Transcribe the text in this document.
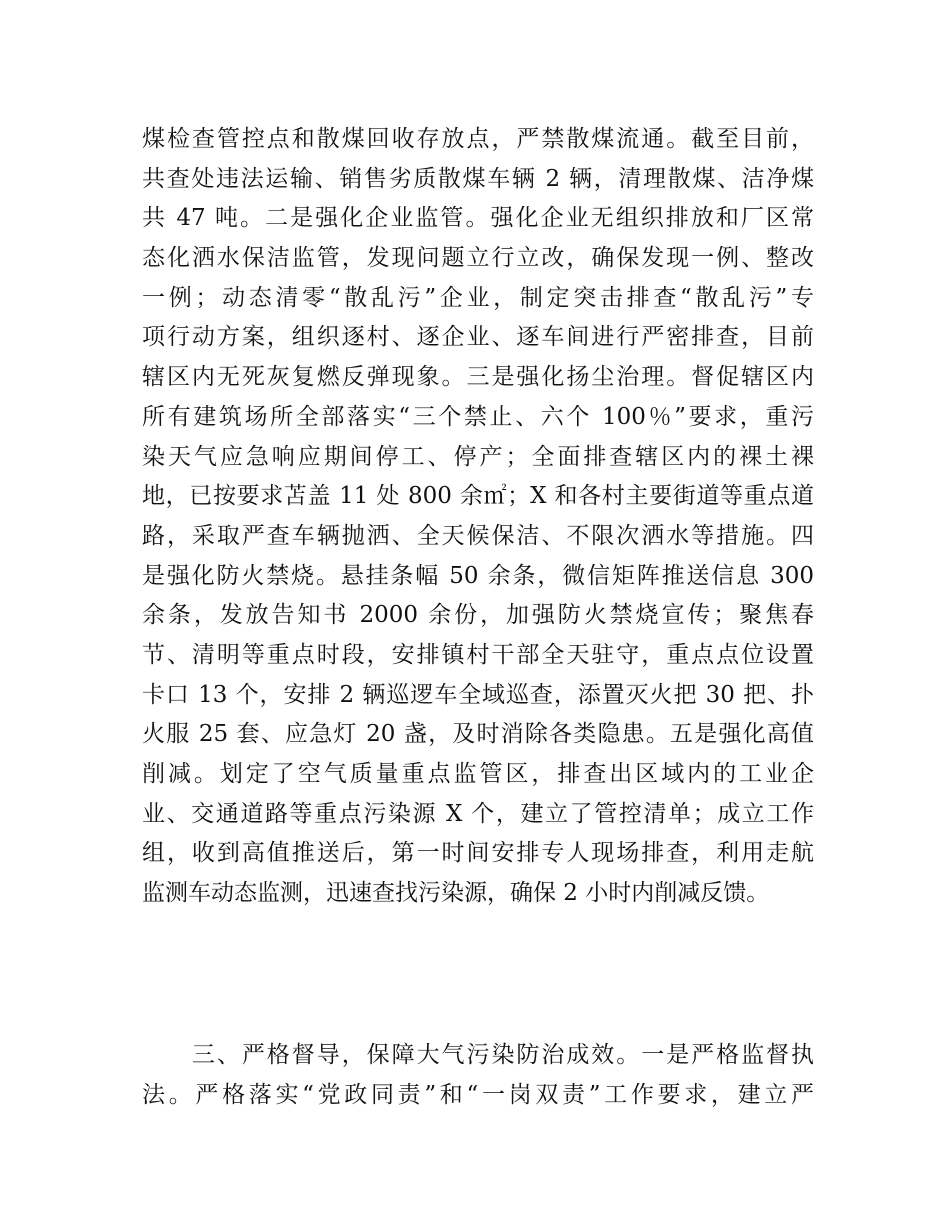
煤检查管控点和散煤回收存放点，严禁散煤流通。截至目前，
共查处违法运输、销售劣质散煤车辆 2 辆，清理散煤、洁净煤
共 47 吨。二是强化企业监管。强化企业无组织排放和厂区常
态化洒水保洁监管，发现问题立行立改，确保发现一例、整改
一例；动态清零“散乱污”企业，制定突击排查“散乱污”专
项行动方案，组织逐村、逐企业、逐车间进行严密排查，目前
辖区内无死灰复燃反弹现象。三是强化扬尘治理。督促辖区内
所有建筑场所全部落实“三个禁止、六个 100％”要求，重污
染天气应急响应期间停工、停产；全面排查辖区内的裸土裸
地，已按要求苫盖 11 处 800 余㎡；X 和各村主要街道等重点道
路，采取严查车辆抛洒、全天候保洁、不限次洒水等措施。四
是强化防火禁烧。悬挂条幅 50 余条，微信矩阵推送信息 300
余条，发放告知书 2000 余份，加强防火禁烧宣传；聚焦春
节、清明等重点时段，安排镇村干部全天驻守，重点点位设置
卡口 13 个，安排 2 辆巡逻车全域巡查，添置灭火把 30 把、扑
火服 25 套、应急灯 20 盏，及时消除各类隐患。五是强化高值
削减。划定了空气质量重点监管区，排查出区域内的工业企
业、交通道路等重点污染源 X 个，建立了管控清单；成立工作
组，收到高值推送后，第一时间安排专人现场排查，利用走航
监测车动态监测，迅速查找污染源，确保 2 小时内削减反馈。
　　三、严格督导，保障大气污染防治成效。一是严格监督执
法。严格落实“党政同责”和“一岗双责”工作要求，建立严
